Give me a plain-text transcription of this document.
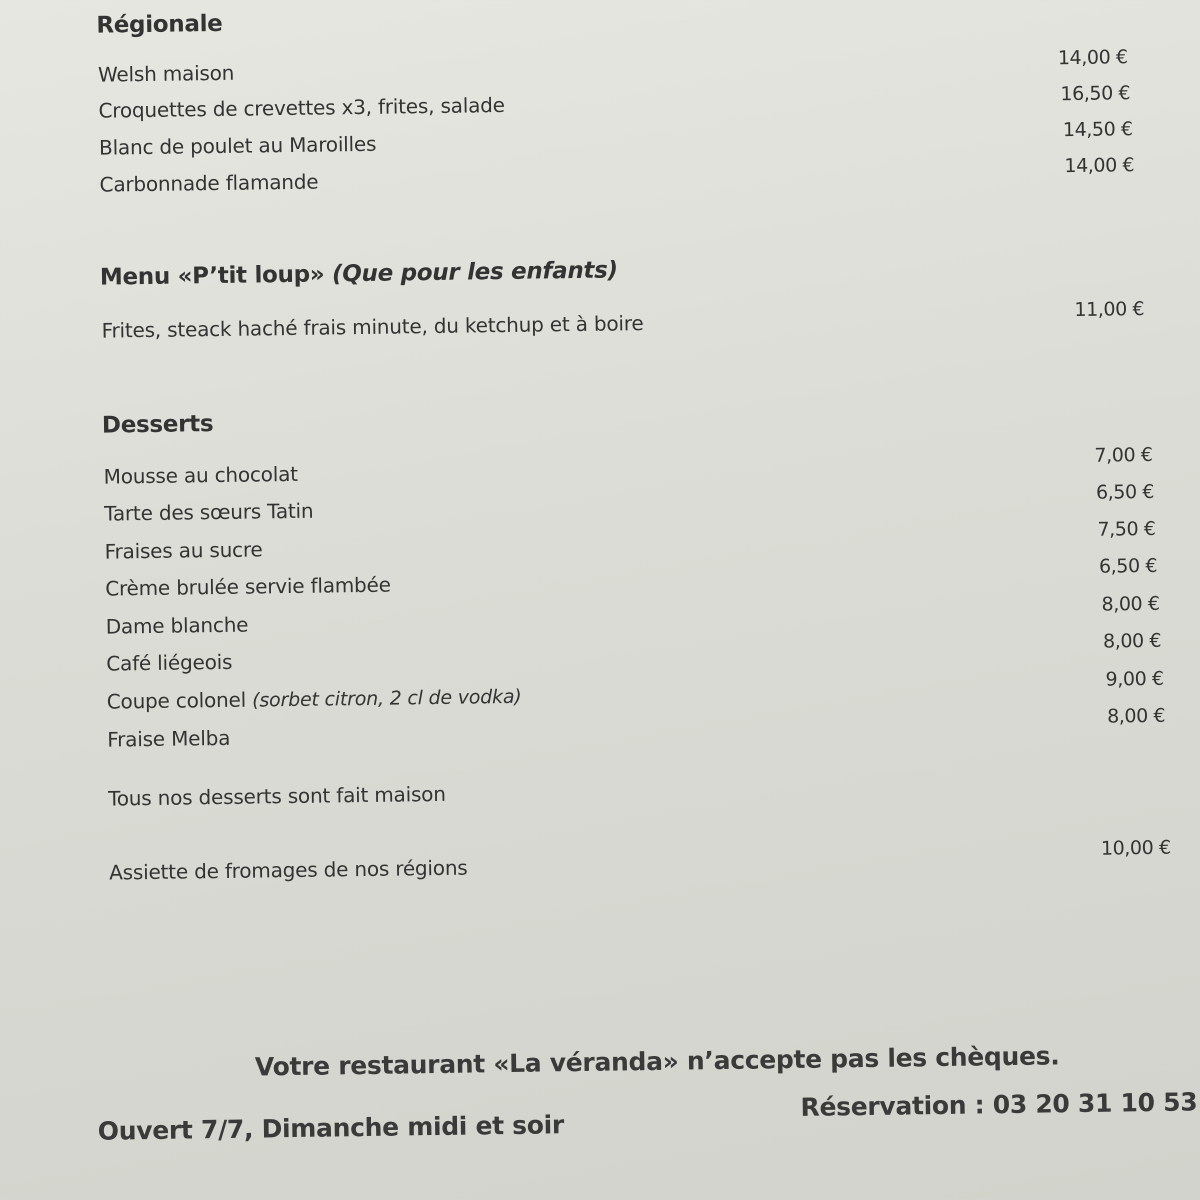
Régionale
Welsh maison
14,00 €
Croquettes de crevettes x3, frites, salade	16,50 €
Blanc de poulet au Maroilles
14,50 €
Carbonnade flamande
14,00 €
Menu «P’tit loup» (Que pour les enfants)
Frites, steack haché frais minute, du ketchup et à boire
11,00 €
Desserts
Mousse au chocolat
7,00 €
Tarte des sœurs Tatin
6,50 €
Fraises au sucre
7,50 €
Crème brulée servie flambée
6,50 €
Dame blanche
8,00 €
Café liégeois
8,00 €
Coupe colonel (sorbet citron, 2 cl de vodka)
9,00 €
Fraise Melba
8,00 €
Tous nos desserts sont fait maison
Assiette de fromages de nos régions
10,00 €
Votre restaurant «La véranda» n’accepte pas les chèques.
Ouvert 7/7, Dimanche midi et soir
Réservation : 03 20 31 10 53
